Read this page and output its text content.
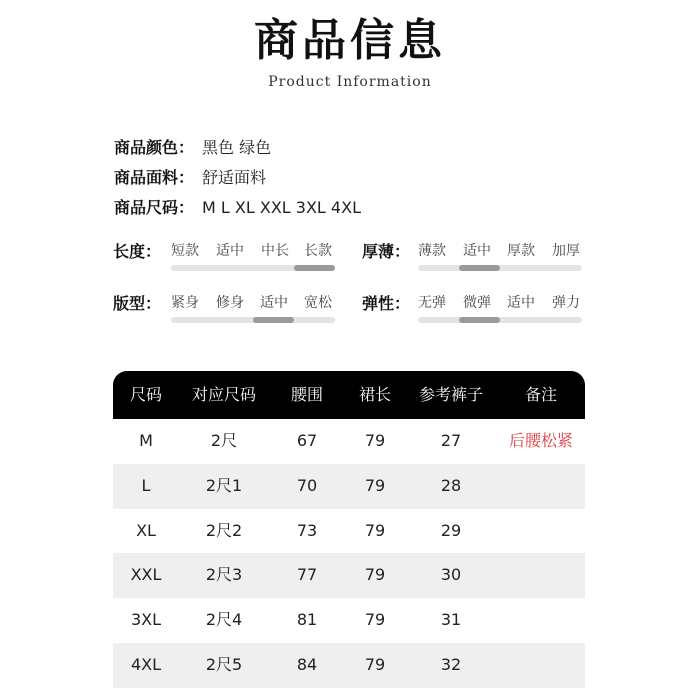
商品信息
Product Information
商品颜色： 黑色 绿色
商品面料： 舒适面料
商品尺码： M L XL XXL 3XL 4XL
长度： 短款 适中 中长 长款 厚薄： 薄款 适中 厚款 加厚
版型： 紧身 修身 适中 宽松 弹性： 无弹 微弹 适中 弹力
尺码	对应尺码	腰围	裙长	参考裤子	备注
M	2尺	67	79	27	后腰松紧
L	2尺1	70	79	28
XL	2尺2	73	79	29
XXL	2尺3	77	79	30
3XL	2尺4	81	79	31
4XL	2尺5	84	79	32
